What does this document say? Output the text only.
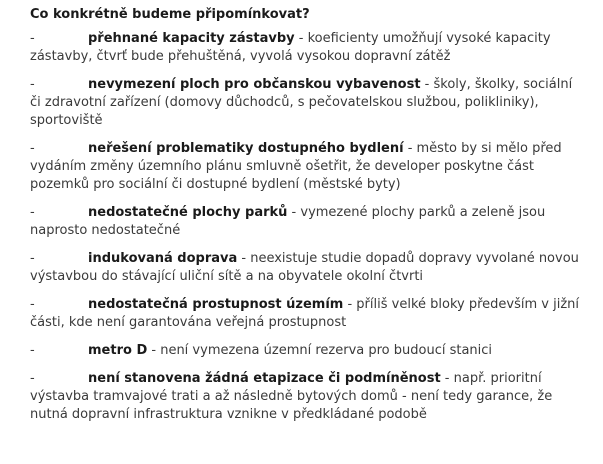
Co konkrétně budeme připomínkovat?
-	přehnané kapacity zástavby - koeficienty umožňují vysoké kapacity zástavby, čtvrť bude přehuštěná, vyvolá vysokou dopravní zátěž
-	nevymezení ploch pro občanskou vybavenost - školy, školky, sociální či zdravotní zařízení (domovy důchodců, s pečovatelskou službou, polikliniky), sportoviště
-	neřešení problematiky dostupného bydlení - město by si mělo před vydáním změny územního plánu smluvně ošetřit, že developer poskytne část pozemků pro sociální či dostupné bydlení (městské byty)
-	nedostatečné plochy parků - vymezené plochy parků a zeleně jsou naprosto nedostatečné
-	indukovaná doprava - neexistuje studie dopadů dopravy vyvolané novou výstavbou do stávající uliční sítě a na obyvatele okolní čtvrti
-	nedostatečná prostupnost územím - příliš velké bloky především v jižní části, kde není garantována veřejná prostupnost
-	metro D - není vymezena územní rezerva pro budoucí stanici
-	není stanovena žádná etapizace či podmíněnost - např. prioritní výstavba tramvajové trati a až následně bytových domů - není tedy garance, že nutná dopravní infrastruktura vznikne v předkládané podobě
